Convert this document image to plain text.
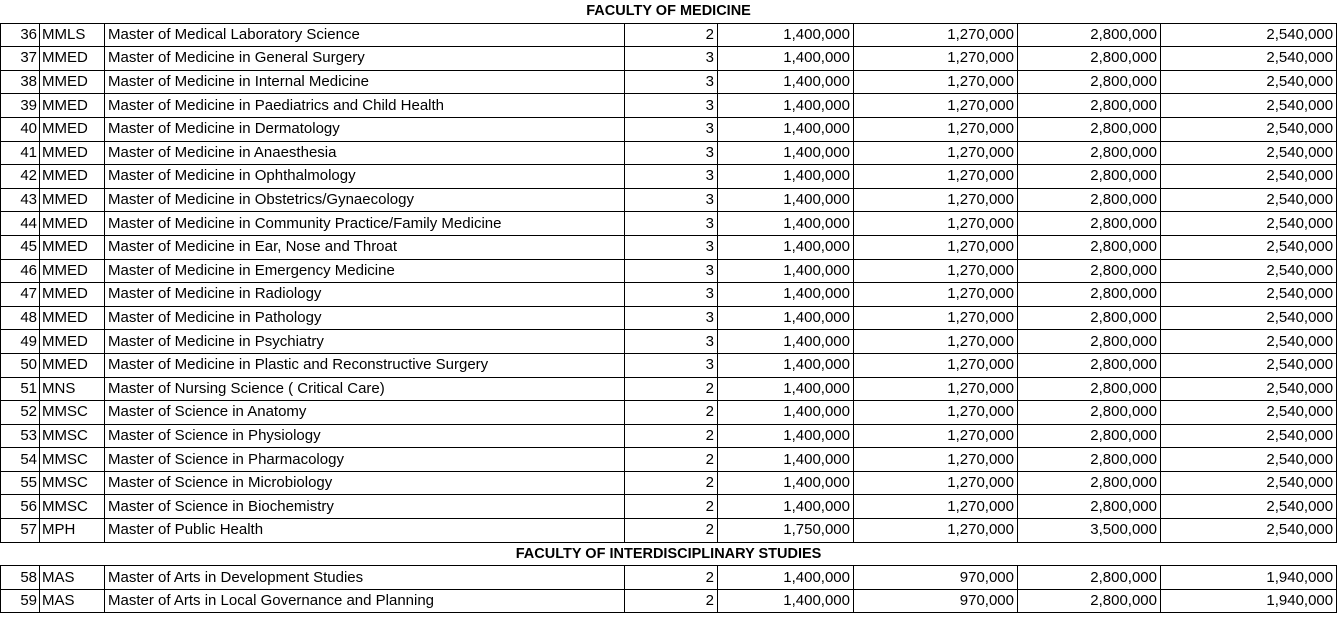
FACULTY OF MEDICINE							
36	MMLS	Master of Medical Laboratory Science	2	1,400,000	1,270,000	2,800,000	2,540,000
37	MMED	Master of Medicine in General Surgery	3	1,400,000	1,270,000	2,800,000	2,540,000
38	MMED	Master of Medicine in Internal Medicine	3	1,400,000	1,270,000	2,800,000	2,540,000
39	MMED	Master of Medicine in Paediatrics and Child Health	3	1,400,000	1,270,000	2,800,000	2,540,000
40	MMED	Master of Medicine in Dermatology	3	1,400,000	1,270,000	2,800,000	2,540,000
41	MMED	Master of Medicine in Anaesthesia	3	1,400,000	1,270,000	2,800,000	2,540,000
42	MMED	Master of Medicine in Ophthalmology	3	1,400,000	1,270,000	2,800,000	2,540,000
43	MMED	Master of Medicine in Obstetrics/Gynaecology	3	1,400,000	1,270,000	2,800,000	2,540,000
44	MMED	Master of Medicine in Community Practice/Family Medicine	3	1,400,000	1,270,000	2,800,000	2,540,000
45	MMED	Master of Medicine in Ear, Nose and Throat	3	1,400,000	1,270,000	2,800,000	2,540,000
46	MMED	Master of Medicine in Emergency Medicine	3	1,400,000	1,270,000	2,800,000	2,540,000
47	MMED	Master of Medicine in Radiology	3	1,400,000	1,270,000	2,800,000	2,540,000
48	MMED	Master of Medicine in Pathology	3	1,400,000	1,270,000	2,800,000	2,540,000
49	MMED	Master of Medicine in Psychiatry	3	1,400,000	1,270,000	2,800,000	2,540,000
50	MMED	Master of Medicine in Plastic and Reconstructive Surgery	3	1,400,000	1,270,000	2,800,000	2,540,000
51	MNS	Master of Nursing Science ( Critical Care)	2	1,400,000	1,270,000	2,800,000	2,540,000
52	MMSC	Master of Science in Anatomy	2	1,400,000	1,270,000	2,800,000	2,540,000
53	MMSC	Master of Science in Physiology	2	1,400,000	1,270,000	2,800,000	2,540,000
54	MMSC	Master of Science in Pharmacology	2	1,400,000	1,270,000	2,800,000	2,540,000
55	MMSC	Master of Science in Microbiology	2	1,400,000	1,270,000	2,800,000	2,540,000
56	MMSC	Master of Science in Biochemistry	2	1,400,000	1,270,000	2,800,000	2,540,000
57	MPH	Master of Public Health	2	1,750,000	1,270,000	3,500,000	2,540,000
FACULTY OF INTERDISCIPLINARY STUDIES							
58	MAS	Master of Arts in Development Studies	2	1,400,000	970,000	2,800,000	1,940,000
59	MAS	Master of Arts in Local Governance and Planning	2	1,400,000	970,000	2,800,000	1,940,000
